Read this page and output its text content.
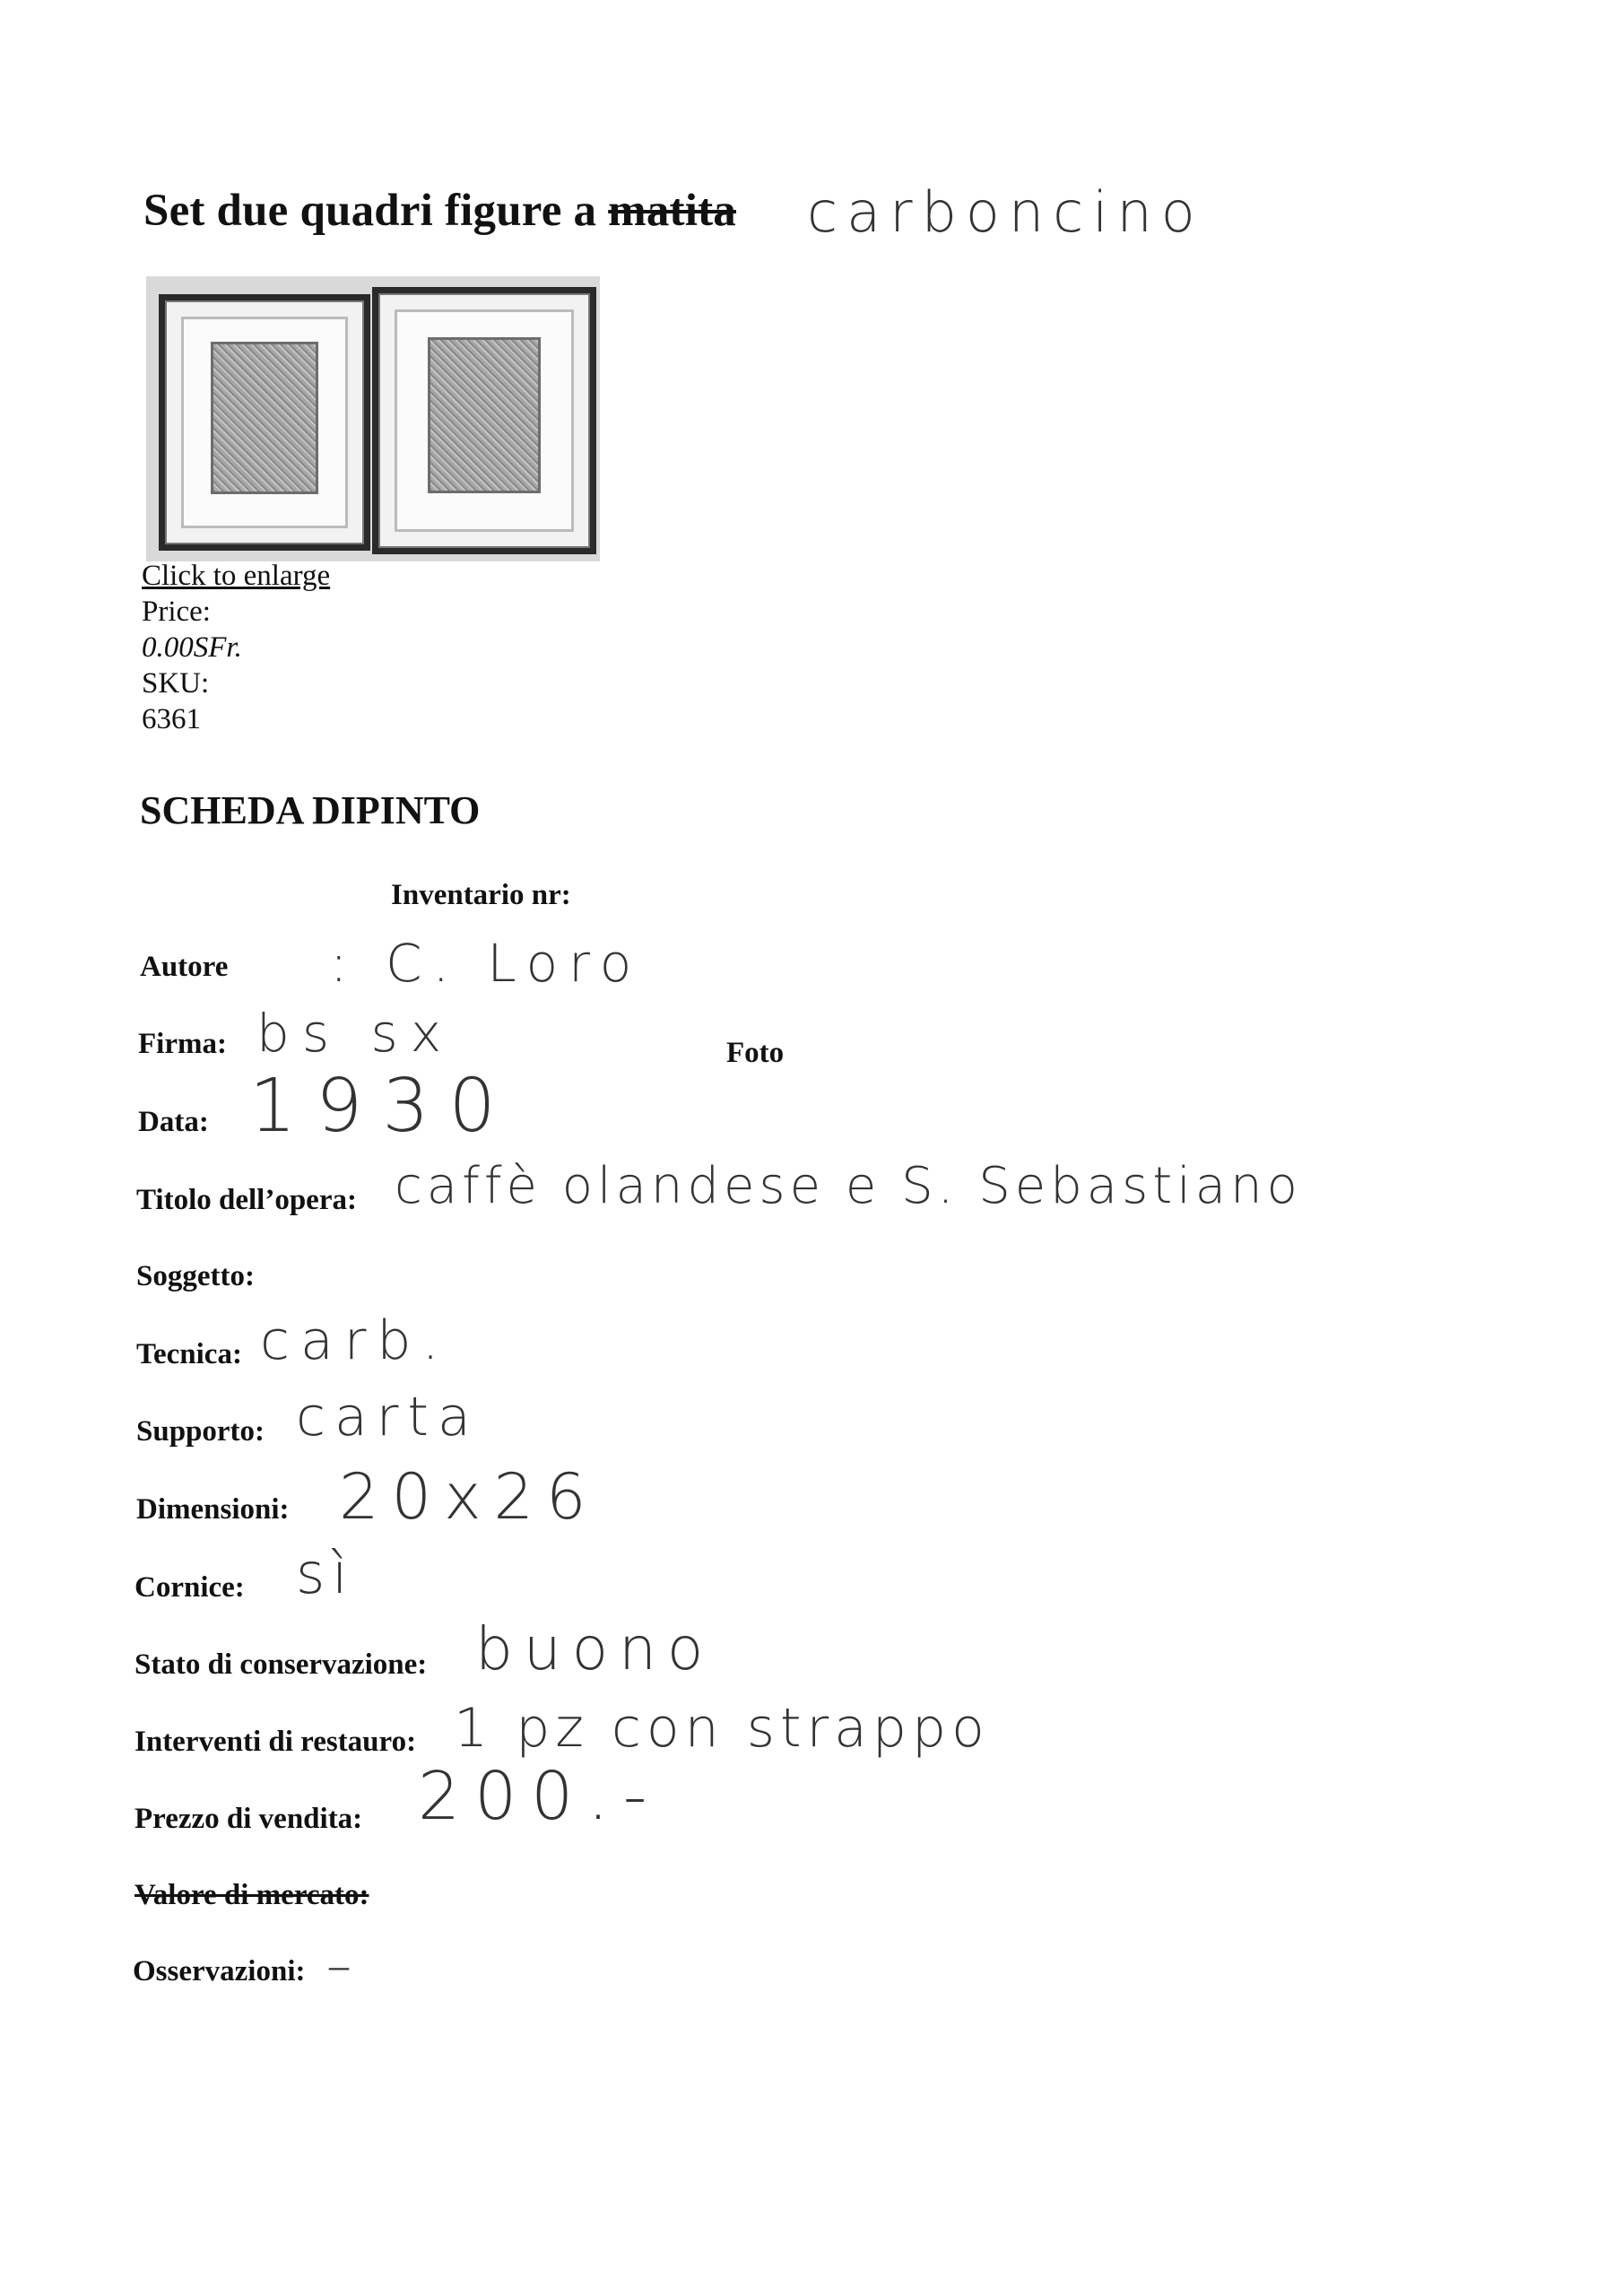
Set due quadri figure a matita carboncino
Click to enlarge
Price:
0.00SFr.
SKU:
6361
SCHEDA DIPINTO
Inventario nr:
Foto
Autore
Firma:
Data:
Titolo dell’opera:
Soggetto:
Tecnica:
Supporto:
Dimensioni:
Cornice:
Stato di conservazione:
Interventi di restauro:
Prezzo di vendita:
Valore di mercato:
Osservazioni:
: C. Loro
bs sx
1930
caffè olandese e S. Sebastiano
carb.
carta
20x26
sì
buono
1 pz con strappo
200.-
–
